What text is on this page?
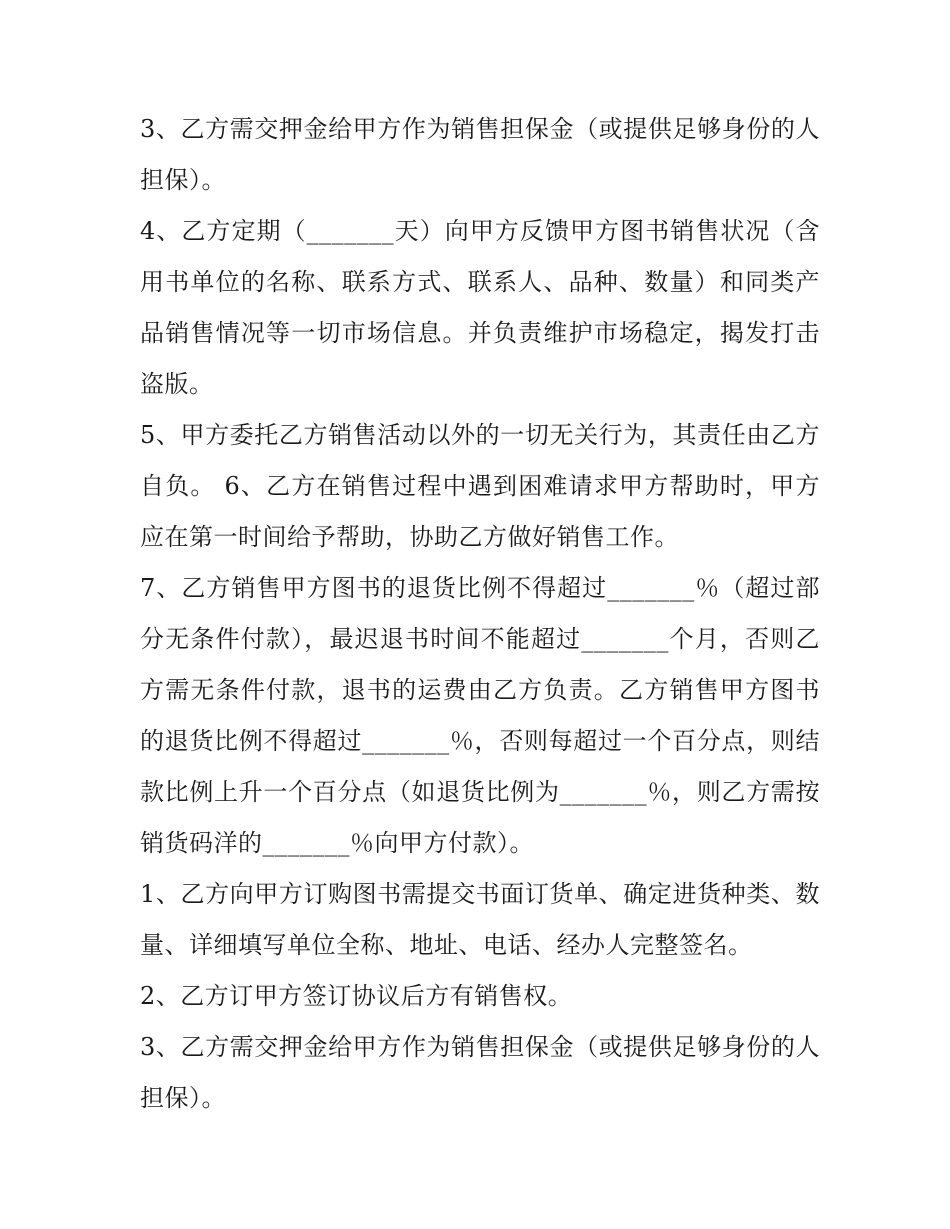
3、乙方需交押金给甲方作为销售担保金（或提供足够身份的人担保）。

4、乙方定期（_______天）向甲方反馈甲方图书销售状况（含用书单位的名称、联系方式、联系人、品种、数量）和同类产品销售情况等一切市场信息。并负责维护市场稳定，揭发打击盗版。

5、甲方委托乙方销售活动以外的一切无关行为，其责任由乙方自负。 6、乙方在销售过程中遇到困难请求甲方帮助时，甲方应在第一时间给予帮助，协助乙方做好销售工作。

7、乙方销售甲方图书的退货比例不得超过_______％（超过部分无条件付款），最迟退书时间不能超过_______个月，否则乙方需无条件付款，退书的运费由乙方负责。乙方销售甲方图书的退货比例不得超过_______％，否则每超过一个百分点，则结款比例上升一个百分点（如退货比例为_______％，则乙方需按销货码洋的_______％向甲方付款）。

1、乙方向甲方订购图书需提交书面订货单、确定进货种类、数量、详细填写单位全称、地址、电话、经办人完整签名。

2、乙方订甲方签订协议后方有销售权。

3、乙方需交押金给甲方作为销售担保金（或提供足够身份的人担保）。
